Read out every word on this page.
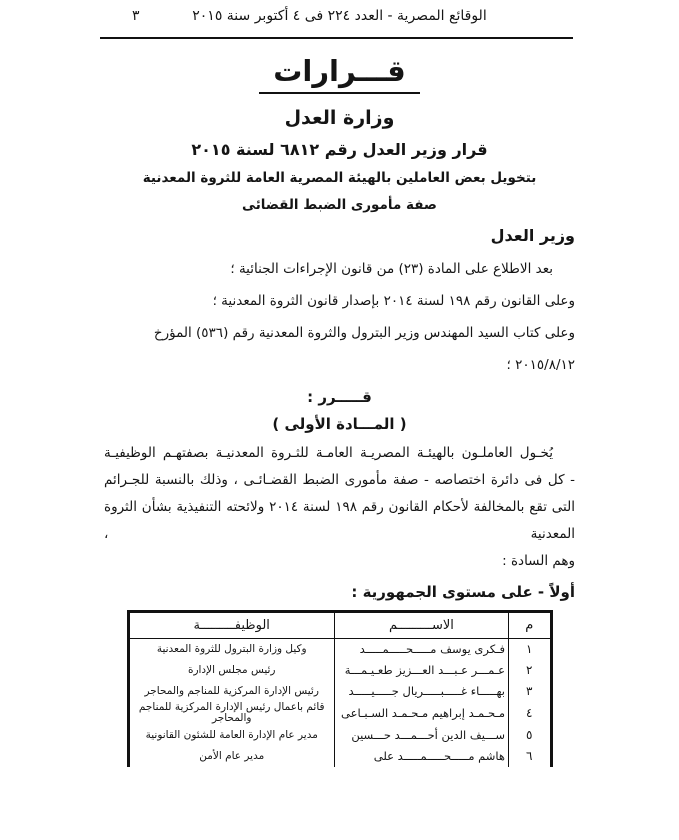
الوقائع المصرية - العدد ٢٢٤ فى ٤ أكتوبر سنة ٢٠١٥
٣
قـــرارات
وزارة العدل
قرار وزير العدل رقم ٦٨١٢ لسنة ٢٠١٥
بتخويل بعض العاملين بالهيئة المصرية العامة للثروة المعدنية
صفة مأمورى الضبط القضائى
وزير العدل
بعد الاطلاع على المادة (٢٣) من قانون الإجراءات الجنائية ؛
وعلى القانون رقم ١٩٨ لسنة ٢٠١٤ بإصدار قانون الثروة المعدنية ؛
وعلى كتاب السيد المهندس وزير البترول والثروة المعدنية رقم (٥٣٦) المؤرخ ٢٠١٥/٨/١٢ ؛
قـــــرر :
( المـــادة الأولى )
يُخـول العاملـون بالهيئـة المصريـة العامـة للثـروة المعدنيـة بصفتهـم الوظيفيـة
- كل فى دائرة اختصاصه - صفة مأمورى الضبط القضـائـى ، وذلك بالنسبة للجـرائم
التى تقع بالمخالفة لأحكام القانون رقم ١٩٨ لسنة ٢٠١٤ ولائحته التنفيذية بشأن الثروة المعدنية ،
وهم السادة :
أولاً - على مستوى الجمهورية :
م	الاســـــــــم	الوظيفـــــــــة
١	فـكرى يوسف مـــــحـــــمـــــد	وكيل وزارة البترول للثروة المعدنية
٢	عـمـــر عـبـــد العـــزيز طعـيـمـــة	رئيس مجلس الإدارة
٣	بهـــــاء غـــــبـــــريال جـــــيـــــد	رئيس الإدارة المركزية للمناجم والمحاجر
٤	مـحـمـد إبراهيم مـحـمـد السـبـاعى	قائم بأعمال رئيس الإدارة المركزية للمناجم والمحاجر
٥	ســـيف الدين أحـــمـــد حـــسين	مدير عام الإدارة العامة للشئون القانونية
٦	هاشم مـــــحـــــمـــــد على	مدير عام الأمن
